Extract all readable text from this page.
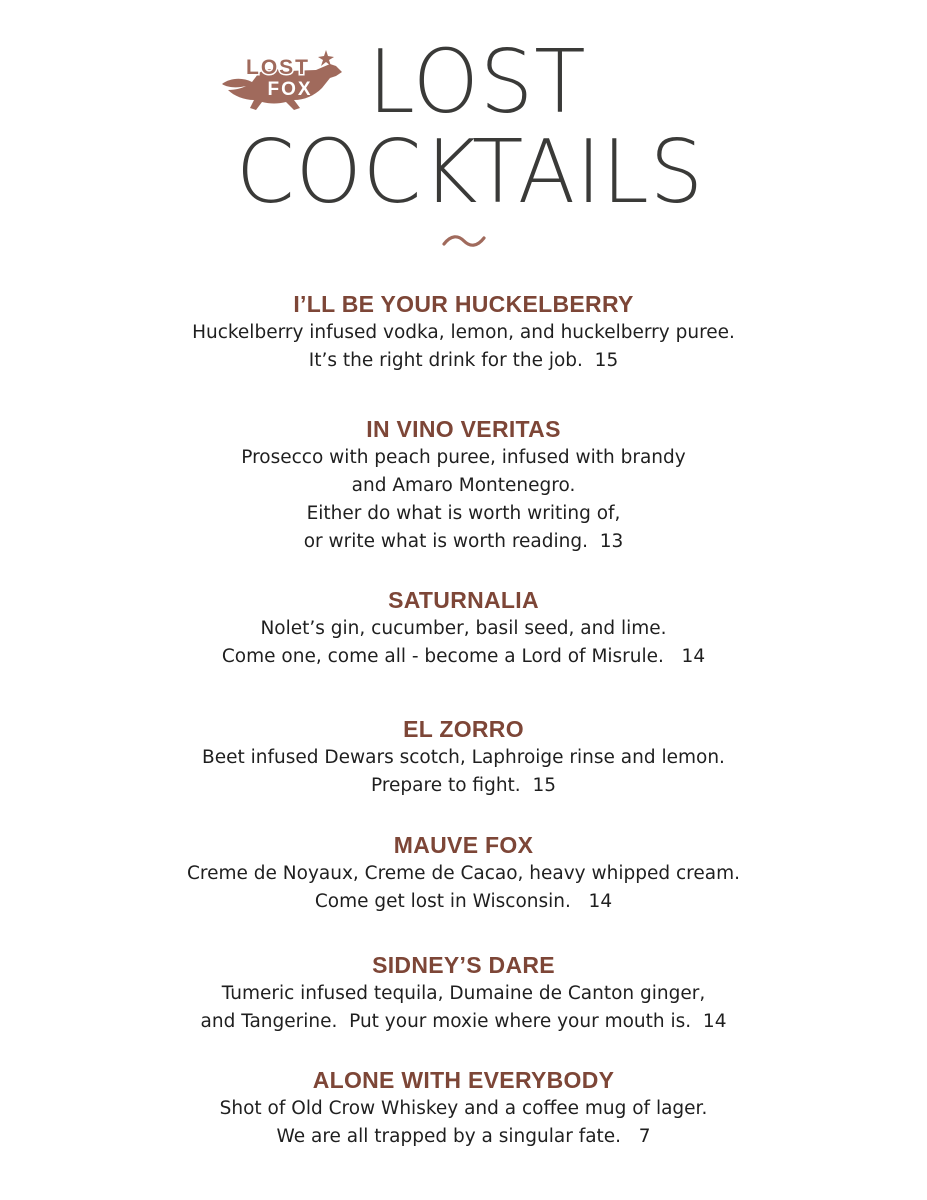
LOST
FOX LOST
COCKTAILS
I’LL BE YOUR HUCKELBERRY
Huckelberry infused vodka, lemon, and huckelberry puree.
It’s the right drink for the job.  15
IN VINO VERITAS
Prosecco with peach puree, infused with brandy
and Amaro Montenegro.
Either do what is worth writing of,
or write what is worth reading.  13
SATURNALIA
Nolet’s gin, cucumber, basil seed, and lime.
Come one, come all - become a Lord of Misrule.   14
EL ZORRO
Beet infused Dewars scotch, Laphroige rinse and lemon.
Prepare to fight.  15
MAUVE FOX
Creme de Noyaux, Creme de Cacao, heavy whipped cream.
Come get lost in Wisconsin.   14
SIDNEY’S DARE
Tumeric infused tequila, Dumaine de Canton ginger,
and Tangerine.  Put your moxie where your mouth is.  14
ALONE WITH EVERYBODY
Shot of Old Crow Whiskey and a coffee mug of lager.
We are all trapped by a singular fate.   7
